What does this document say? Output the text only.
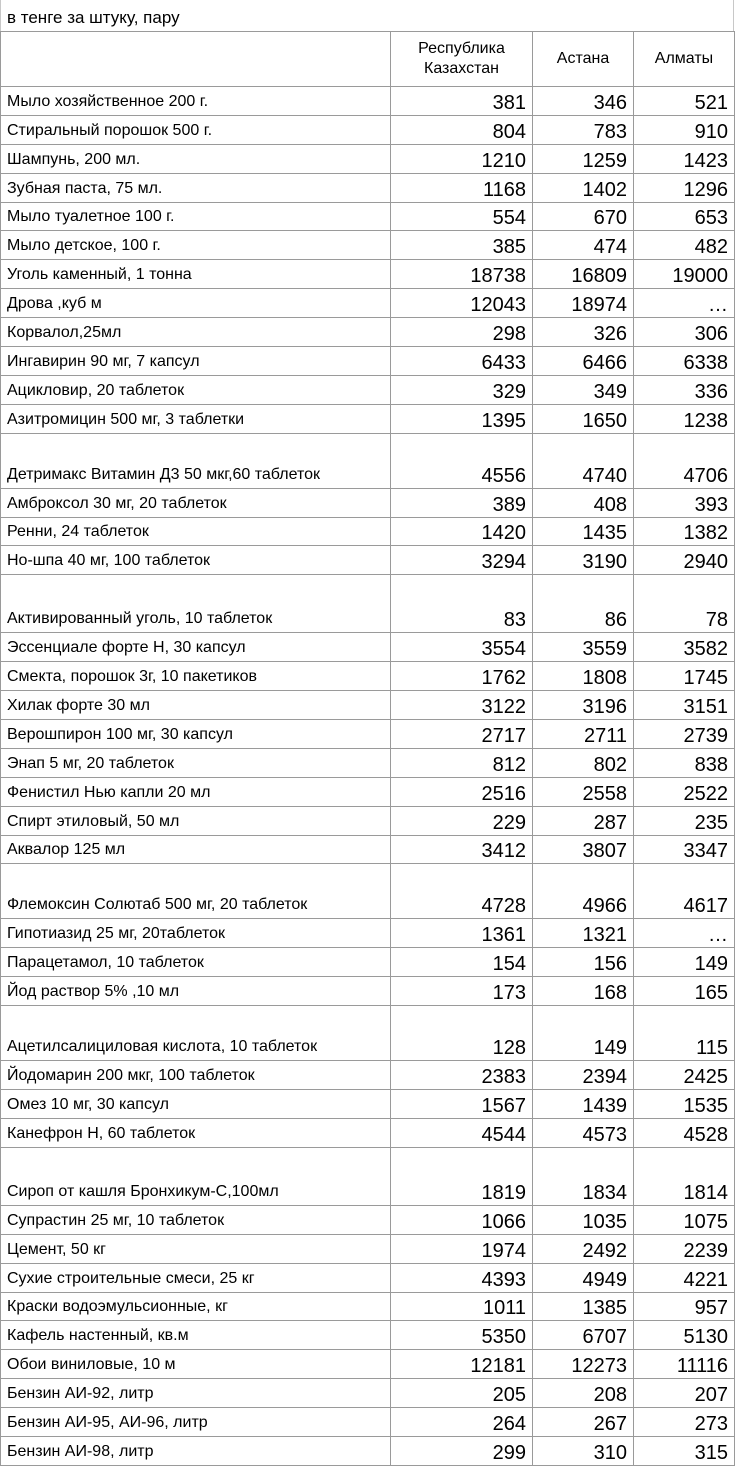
в тенге за штуку, пару
	Республика Казахстан	Астана	Алматы
Мыло хозяйственное 200 г.	381	346	521
Стиральный порошок 500 г.	804	783	910
Шампунь, 200 мл.	1210	1259	1423
Зубная паста, 75 мл.	1168	1402	1296
Мыло туалетное 100 г.	554	670	653
Мыло детское, 100 г.	385	474	482
Уголь каменный, 1 тонна	18738	16809	19000
Дрова ,куб м	12043	18974	…
Корвалол,25мл	298	326	306
Ингавирин 90 мг, 7 капсул	6433	6466	6338
Ацикловир, 20 таблеток	329	349	336
Азитромицин 500 мг, 3 таблетки	1395	1650	1238
Детримакс Витамин Д3 50 мкг,60 таблеток	4556	4740	4706
Амброксол 30 мг, 20 таблеток	389	408	393
Ренни, 24 таблеток	1420	1435	1382
Но-шпа 40 мг, 100 таблеток	3294	3190	2940
Активированный уголь, 10 таблеток	83	86	78
Эссенциале форте Н, 30 капсул	3554	3559	3582
Смекта, порошок 3г, 10 пакетиков	1762	1808	1745
Хилак форте 30 мл	3122	3196	3151
Верошпирон 100 мг, 30 капсул	2717	2711	2739
Энап 5 мг, 20 таблеток	812	802	838
Фенистил Нью капли 20 мл	2516	2558	2522
Спирт этиловый, 50 мл	229	287	235
Аквалор 125 мл	3412	3807	3347
Флемоксин Солютаб 500 мг, 20 таблеток	4728	4966	4617
Гипотиазид 25 мг, 20таблеток	1361	1321	…
Парацетамол, 10 таблеток	154	156	149
Йод раствор 5% ,10 мл	173	168	165
Ацетилсалициловая кислота, 10 таблеток	128	149	115
Йодомарин 200 мкг, 100 таблеток	2383	2394	2425
Омез 10 мг, 30 капсул	1567	1439	1535
Канефрон Н, 60 таблеток	4544	4573	4528
Сироп от кашля Бронхикум-С,100мл	1819	1834	1814
Супрастин 25 мг, 10 таблеток	1066	1035	1075
Цемент, 50 кг	1974	2492	2239
Сухие строительные смеси, 25 кг	4393	4949	4221
Краски водоэмульсионные, кг	1011	1385	957
Кафель настенный, кв.м	5350	6707	5130
Обои виниловые, 10 м	12181	12273	11116
Бензин АИ-92, литр	205	208	207
Бензин АИ-95, АИ-96, литр	264	267	273
Бензин АИ-98, литр	299	310	315
